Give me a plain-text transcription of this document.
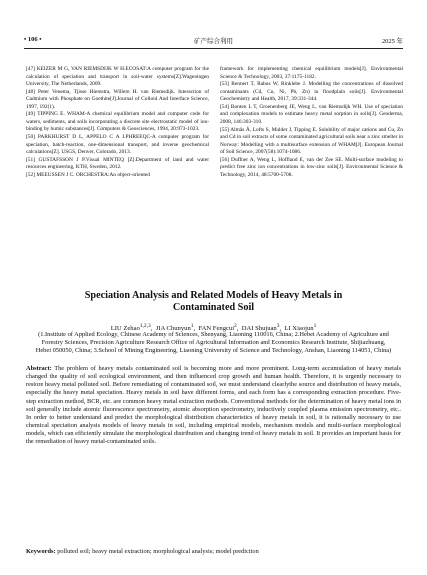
• 106 •	矿产综合利用	2025 年

[47] KEIZER M G, VAN RIEMSDIJK W H.ECOSAT:A computer program for the calculation of speciation and transport in soil-water systems[Z].Wageningen University, The Netherlands, 2009.

[48] Peter Venema, Tjisse Hiemstra, Willem H. van Riemsdijk. Interaction of Cadmium with Phosphate on Goethite[J].Journal of Colloid And Interface Science, 1997, 192(1).

[49] TIPPING E. WHAM-A chemical equilibrium model and computer code for waters, sediments, and soils incorporating a discrete site electrostatic model of ion-binding by humic substances[J]. Computers & Geosciences, 1994, 20:973-1023.

[50] PARKHURST D L, APPELO C A J.PHREEQC-A computer program for speciation, batch-reaction, one-dimensional transport, and inverse geochemical calculations[Z]. USGS, Denver, Colorado, 2013.

[51] GUSTAFSSON J P.Visual MINTEQ [Z].Department of land and water resources engineering, KTH, Sweden, 2012.

[52] MEEUSSEN J C. ORCHESTRA:An object-oriented

framework for implementing chemical equilibrium models[J]. Environmental Science & Technology, 2003, 37:1175-1182.

[53] Rennert T, Rabus W, Rinklebe J. Modelling the concentrations of dissolved contaminants (Cd, Cu, Ni, Pb, Zn) in floodplain soils[J]. Environmental Geochemistry and Health, 2017, 39:331-344.

[54] Bonten L T, Groenenberg JE, Weng L, van Riemsdijk WH. Use of speciation and complexation models to estimate heavy metal sorption in soils[J]. Geoderma, 2008, 146:303-310.

[55] Almås Å, Lofts S, Mulder J, Tipping E. Solubility of major cations and Cu, Zn and Cd in soil extracts of some contaminated agricultural soils near a zinc smelter in Norway: Modelling with a multisurface extension of WHAM[J]. European Journal of Soil Science, 2007(58):1074-1086.

[56] Duffner A, Weng L, Hoffland E, van der Zee SE. Multi-surface modeling to predict free zinc ion concentrations in low-zinc soils[J]. Environmental Science & Technology, 2014, 48:5700-5708.

Speciation Analysis and Related Models of Heavy Metals in
Contaminated Soil
LIU Zehao$^{1,2,3}$,  JIA Chunyun$^1$,  FAN Fengcui$^2$,  DAI Shujuan$^3$,  LI Xiaojun$^1$
(1.Institute of Applied Ecology, Chinese Academy of Sciences, Shenyang, Liaoning 110016, China; 2.Hebei Academy of Agriculture and Forestry Sciences, Precision Agriculture Research Office of Agricultural Information and Economics Research Institute, Shijiazhuang, Hebei 050050, China; 3.School of Mining Engineering, Liaoning University of Science and Technology, Anshan, Liaoning 114051, China)
Abstract: The problem of heavy metals contaminated soil is becoming more and more prominent. Long-term accumulation of heavy metals changed the quality of soil ecological environment, and then influenced crop growth and human health. Therefore, it is urgently necessary to restore heavy metal polluted soil. Before remediating of contaminated soil, we must understand clearlythe source and distribution of heavy metals, especially the heavy metal speciation. Heavy metals in soil have different forms, and each form has a corresponding extraction procedure. Five-step extraction method, BCR, etc. are common heavy metal extraction methods. Conventional methods for the determination of heavy metal ions in soil generally include atomic fluorescence spectrometry, atomic absorption spectrometry, inductively coupled plasma emission spectrometry, etc.. In order to better understand and predict the morphological distribution characteristics of heavy metals in soil, it is rationally necessary to use chemical speciation analysis models of heavy metals in soil, including empirical models, mechanism models and multi-surface morphological models, which can efficiently simulate the morphological distribution and changing trend of heavy metals in soil. It provides an important basis for the remediation of heavy metal-contaminated soils.
Keywords: polluted soil; heavy metal extraction; morphological analysis; model prediction
